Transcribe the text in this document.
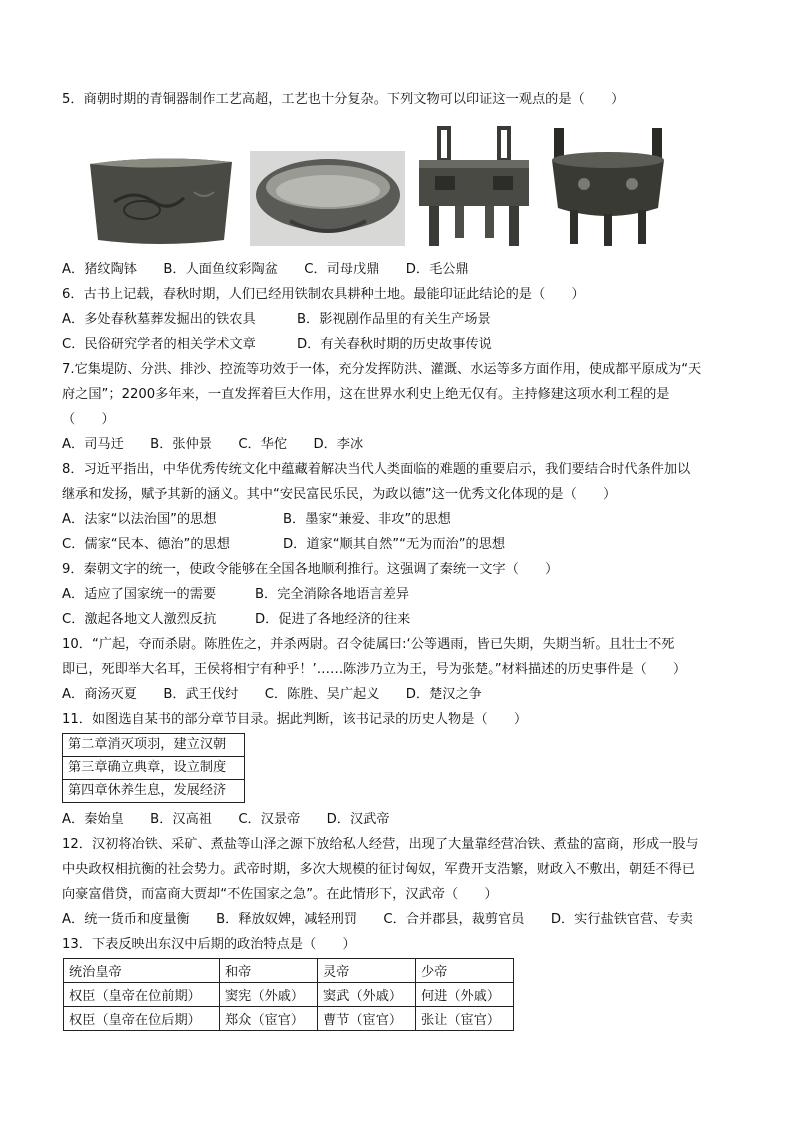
5．商朝时期的青铜器制作工艺高超，工艺也十分复杂。下列文物可以印证这一观点的是（　　）
A．猪纹陶钵　　B．人面鱼纹彩陶盆　　C．司母戊鼎　　D．毛公鼎
6．古书上记载，春秋时期，人们已经用铁制农具耕种土地。最能印证此结论的是（　　）
A．多处春秋墓葬发掘出的铁农具	B．影视剧作品里的有关生产场景
C．民俗研究学者的相关学术文章	D．有关春秋时期的历史故事传说
7.它集堤防、分洪、排沙、控流等功效于一体，充分发挥防洪、灌溉、水运等多方面作用，使成都平原成为“天
府之国”；2200多年来，一直发挥着巨大作用，这在世界水利史上绝无仅有。主持修建这项水利工程的是
（　　）
A．司马迁　　B．张仲景　　C．华佗　　D．李冰
8．习近平指出，中华优秀传统文化中蕴藏着解决当代人类面临的难题的重要启示，我们要结合时代条件加以
继承和发扬，赋予其新的涵义。其中“安民富民乐民，为政以德”这一优秀文化体现的是（　　）
A．法家“以法治国”的思想	B．墨家“兼爱、非攻”的思想
C．儒家“民本、德治”的思想	D．道家“顺其自然”“无为而治”的思想
9．秦朝文字的统一，使政令能够在全国各地顺利推行。这强调了秦统一文字（　　）
A．适应了国家统一的需要	B．完全消除各地语言差异
C．激起各地文人激烈反抗	D．促进了各地经济的往来
10．“广起，夺而杀尉。陈胜佐之，并杀两尉。召令徒属曰:‘公等遇雨，皆已失期，失期当斩。且壮士不死
即已，死即举大名耳，王侯将相宁有种乎！’……陈涉乃立为王，号为张楚。”材料描述的历史事件是（　　）
A．商汤灭夏　　B．武王伐纣　　C．陈胜、吴广起义　　D．楚汉之争
11．如图选自某书的部分章节目录。据此判断，该书记录的历史人物是（　　）
第二章消灭项羽，建立汉朝
第三章确立典章，设立制度
第四章休养生息，发展经济
A．秦始皇　　B．汉高祖　　C．汉景帝　　D．汉武帝
12．汉初将冶铁、采矿、煮盐等山泽之源下放给私人经营，出现了大量靠经营冶铁、煮盐的富商，形成一股与
中央政权相抗衡的社会势力。武帝时期，多次大规模的征讨匈奴，军费开支浩繁，财政入不敷出，朝廷不得已
向豪富借贷，而富商大贾却“不佐国家之急”。在此情形下，汉武帝（　　）
A．统一货币和度量衡　　B．释放奴婢，减轻刑罚　　C．合并郡县，裁剪官员　　D．实行盐铁官营、专卖
13．下表反映出东汉中后期的政治特点是（　　）
统治皇帝	和帝	灵帝	少帝
权臣（皇帝在位前期）	窦宪（外戚）	窦武（外戚）	何进（外戚）
权臣（皇帝在位后期）	郑众（宦官）	曹节（宦官）	张让（宦官）
